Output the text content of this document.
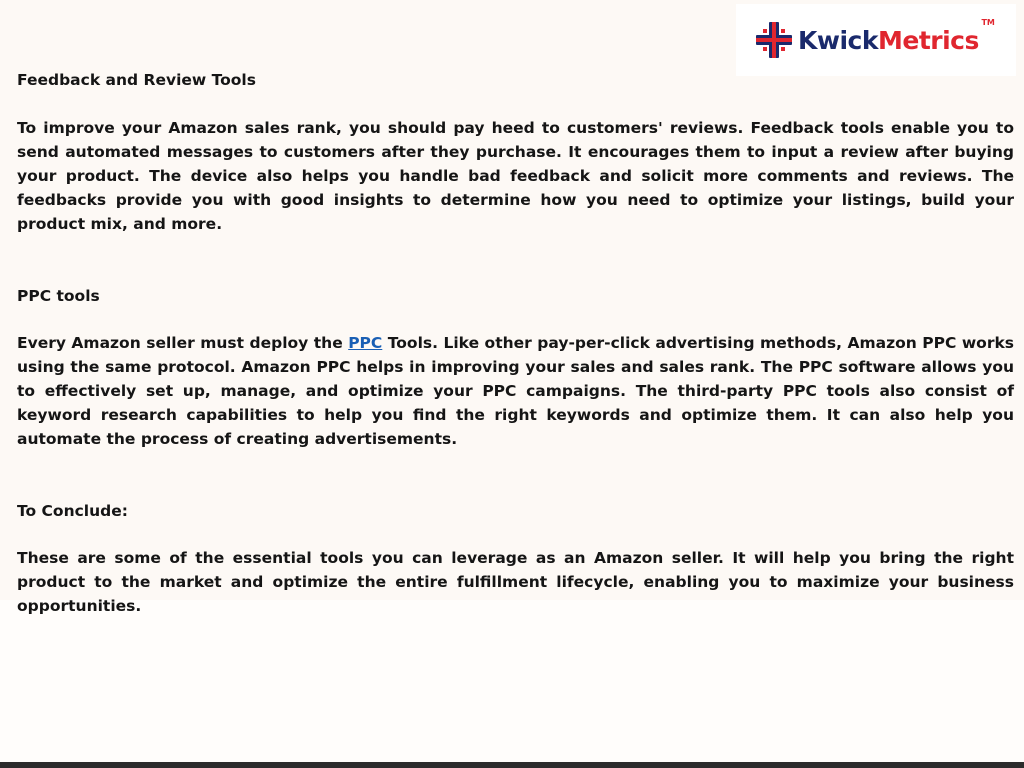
KwickMetrics
TM

Feedback and Review Tools

To improve your Amazon sales rank, you should pay heed to customers' reviews. Feedback tools enable you to send automated messages to customers after they purchase. It encourages them to input a review after buying your product. The device also helps you handle bad feedback and solicit more comments and reviews. The feedbacks provide you with good insights to determine how you need to optimize your listings, build your product mix, and more.

PPC tools

Every Amazon seller must deploy the PPC Tools. Like other pay-per-click advertising methods, Amazon PPC works using the same protocol. Amazon PPC helps in improving your sales and sales rank. The PPC software allows you to effectively set up, manage, and optimize your PPC campaigns. The third-party PPC tools also consist of keyword research capabilities to help you find the right keywords and optimize them. It can also help you automate the process of creating advertisements.

To Conclude:

These are some of the essential tools you can leverage as an Amazon seller. It will help you bring the right product to the market and optimize the entire fulfillment lifecycle, enabling you to maximize your business opportunities.
